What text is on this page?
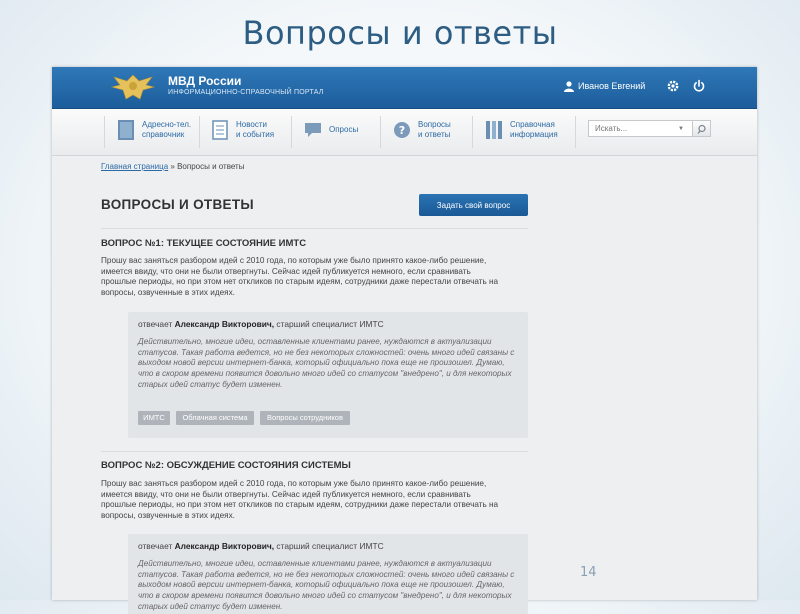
Вопросы и ответы
МВД России
ИНФОРМАЦИОННО-СПРАВОЧНЫЙ ПОРТАЛ
Иванов Евгений
Адресно-тел.
справочник
Новости
и события
Опросы	? Вопросы
и ответы
Справочная
информация
Искать...
▼
Главная страница » Вопросы и ответы
ВОПРОСЫ И ОТВЕТЫ	Задать свой вопрос
ВОПРОС №1: ТЕКУЩЕЕ СОСТОЯНИЕ ИМТС
Прошу вас заняться разбором идей с 2010 года, по которым уже было принято какое-либо решение, имеется ввиду, что они не были отвергнуты. Сейчас идей публикуется немного, если сравнивать прошлые периоды, но при этом нет откликов по старым идеям, сотрудники даже перестали отвечать на вопросы, озвученные в этих идеях.
отвечает Александр Викторович, старший специалист ИМТС
Действительно, многие идеи, оставленные клиентами ранее, нуждаются в актуализации статусов. Такая работа ведется, но не без некоторых сложностей: очень много идей связаны с выходом новой версии интернет-банка, который официально пока еще не произошел. Думаю, что в скором времени появится довольно много идей со статусом "внедрено", и для некоторых старых идей статус будет изменен.
ИМТС	Облачная система	Вопросы сотрудников
ВОПРОС №2: ОБСУЖДЕНИЕ СОСТОЯНИЯ СИСТЕМЫ
Прошу вас заняться разбором идей с 2010 года, по которым уже было принято какое-либо решение, имеется ввиду, что они не были отвергнуты. Сейчас идей публикуется немного, если сравнивать прошлые периоды, но при этом нет откликов по старым идеям, сотрудники даже перестали отвечать на вопросы, озвученные в этих идеях.
отвечает Александр Викторович, старший специалист ИМТС
Действительно, многие идеи, оставленные клиентами ранее, нуждаются в актуализации статусов. Такая работа ведется, но не без некоторых сложностей: очень много идей связаны с выходом новой версии интернет-банка, который официально пока еще не произошел. Думаю, что в скором времени появится довольно много идей со статусом "внедрено", и для некоторых старых идей статус будет изменен.
14
